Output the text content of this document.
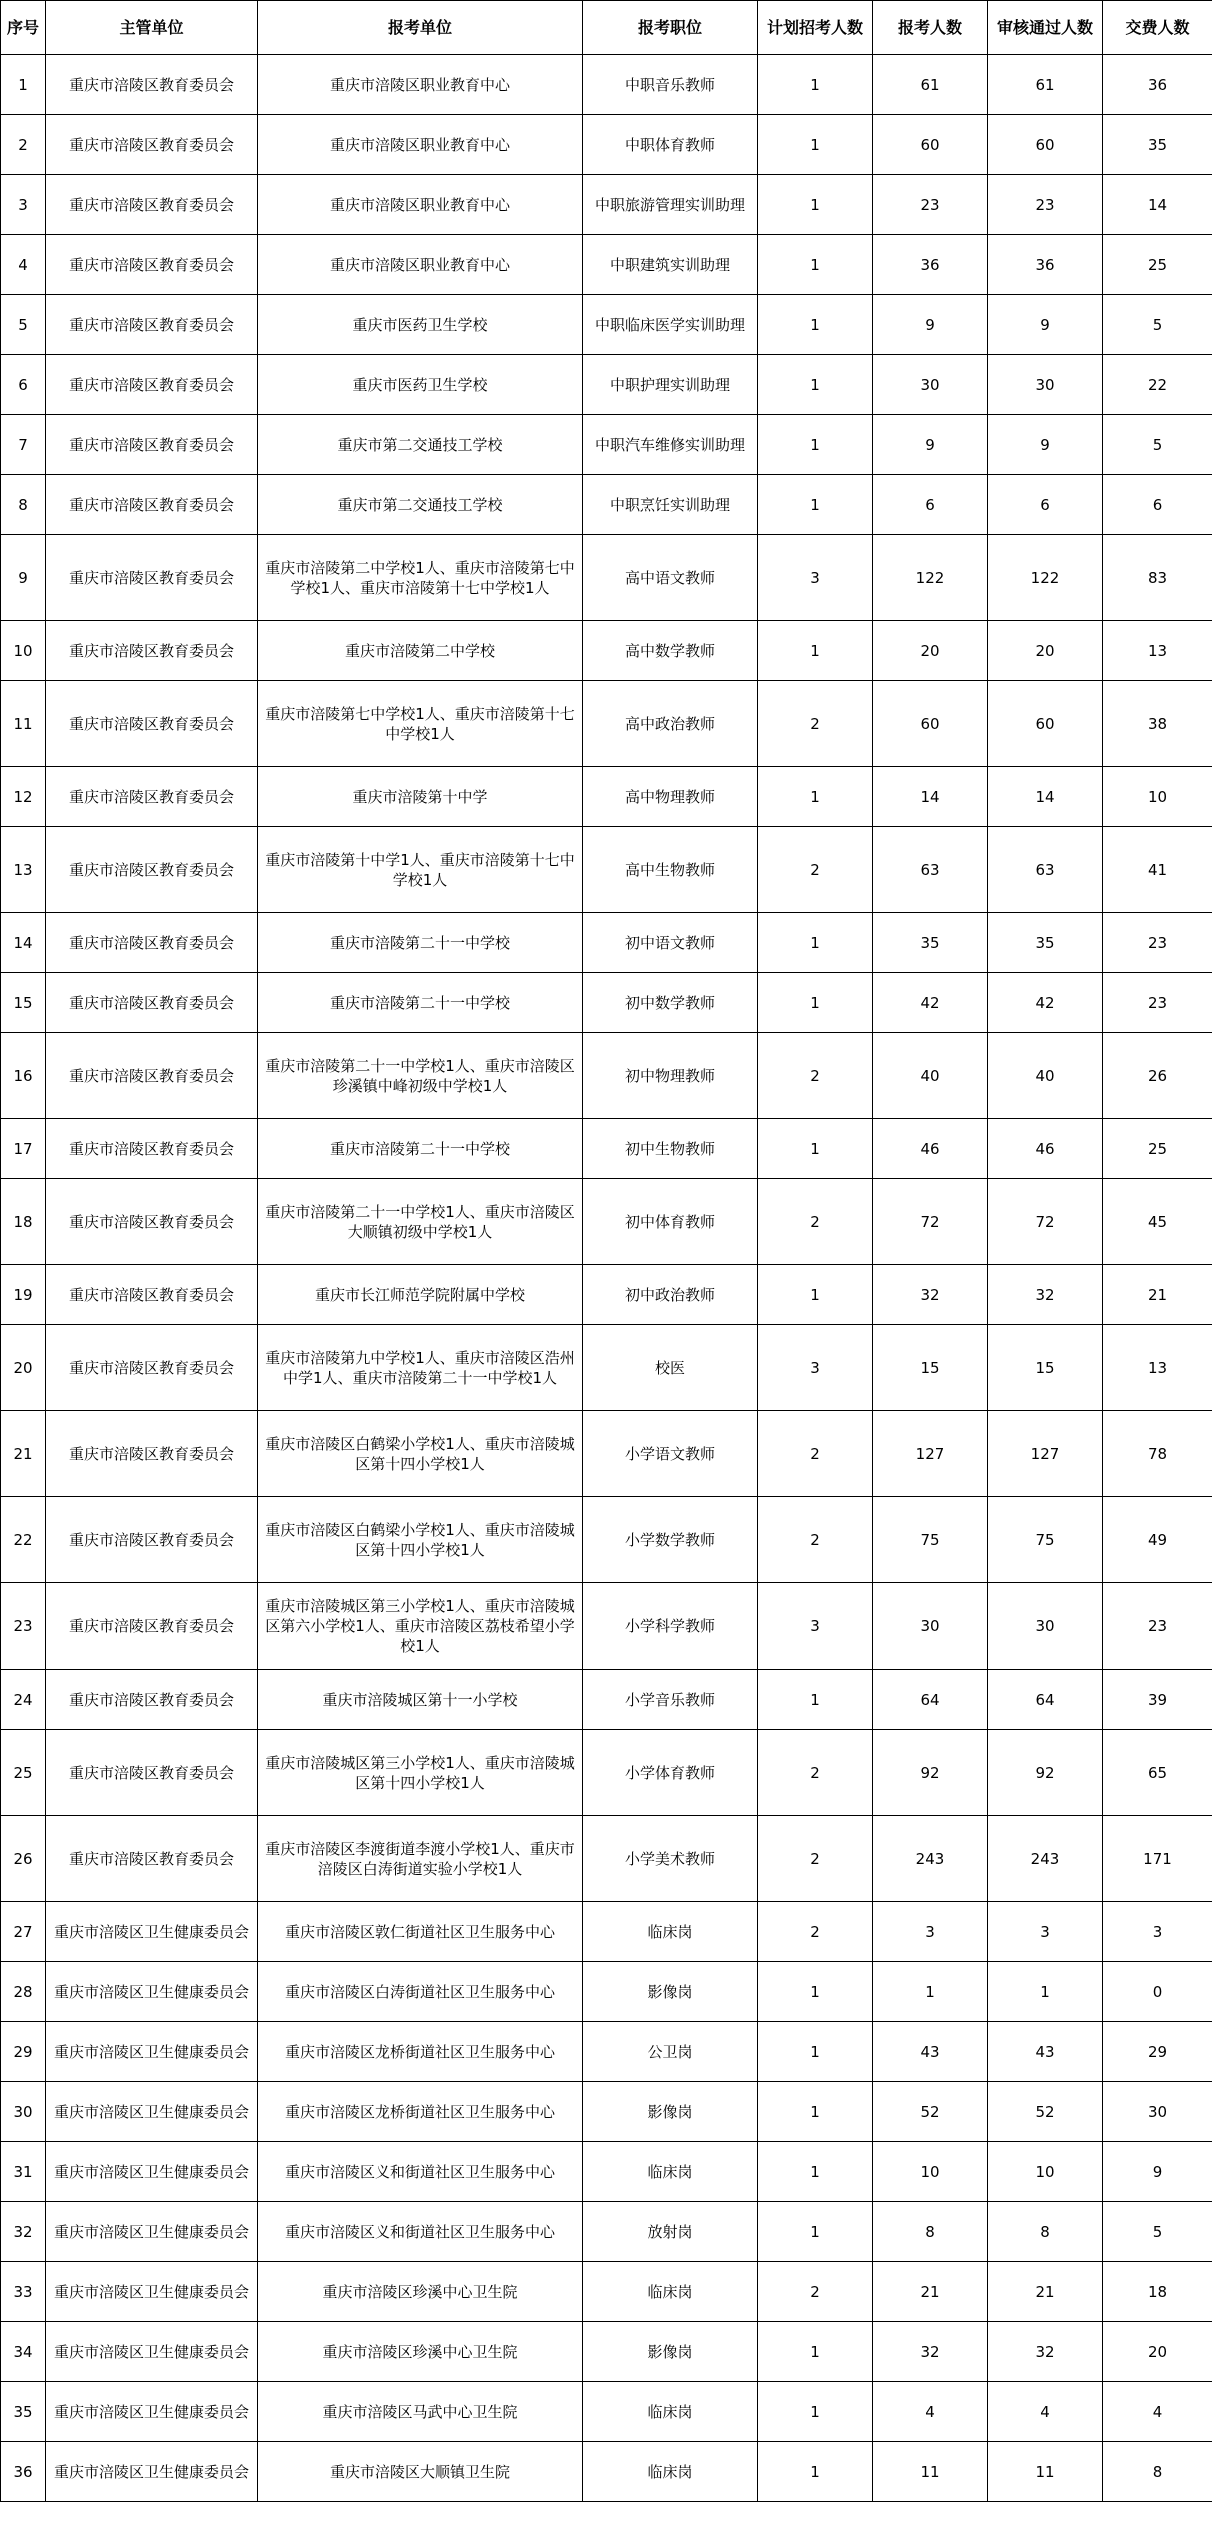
序号	主管单位	报考单位	报考职位	计划招考人数	报考人数	审核通过人数	交费人数
1	重庆市涪陵区教育委员会	重庆市涪陵区职业教育中心	中职音乐教师	1	61	61	36
2	重庆市涪陵区教育委员会	重庆市涪陵区职业教育中心	中职体育教师	1	60	60	35
3	重庆市涪陵区教育委员会	重庆市涪陵区职业教育中心	中职旅游管理实训助理	1	23	23	14
4	重庆市涪陵区教育委员会	重庆市涪陵区职业教育中心	中职建筑实训助理	1	36	36	25
5	重庆市涪陵区教育委员会	重庆市医药卫生学校	中职临床医学实训助理	1	9	9	5
6	重庆市涪陵区教育委员会	重庆市医药卫生学校	中职护理实训助理	1	30	30	22
7	重庆市涪陵区教育委员会	重庆市第二交通技工学校	中职汽车维修实训助理	1	9	9	5
8	重庆市涪陵区教育委员会	重庆市第二交通技工学校	中职烹饪实训助理	1	6	6	6
9	重庆市涪陵区教育委员会	重庆市涪陵第二中学校1人、重庆市涪陵第七中学校1人、重庆市涪陵第十七中学校1人	高中语文教师	3	122	122	83
10	重庆市涪陵区教育委员会	重庆市涪陵第二中学校	高中数学教师	1	20	20	13
11	重庆市涪陵区教育委员会	重庆市涪陵第七中学校1人、重庆市涪陵第十七中学校1人	高中政治教师	2	60	60	38
12	重庆市涪陵区教育委员会	重庆市涪陵第十中学	高中物理教师	1	14	14	10
13	重庆市涪陵区教育委员会	重庆市涪陵第十中学1人、重庆市涪陵第十七中学校1人	高中生物教师	2	63	63	41
14	重庆市涪陵区教育委员会	重庆市涪陵第二十一中学校	初中语文教师	1	35	35	23
15	重庆市涪陵区教育委员会	重庆市涪陵第二十一中学校	初中数学教师	1	42	42	23
16	重庆市涪陵区教育委员会	重庆市涪陵第二十一中学校1人、重庆市涪陵区珍溪镇中峰初级中学校1人	初中物理教师	2	40	40	26
17	重庆市涪陵区教育委员会	重庆市涪陵第二十一中学校	初中生物教师	1	46	46	25
18	重庆市涪陵区教育委员会	重庆市涪陵第二十一中学校1人、重庆市涪陵区大顺镇初级中学校1人	初中体育教师	2	72	72	45
19	重庆市涪陵区教育委员会	重庆市长江师范学院附属中学校	初中政治教师	1	32	32	21
20	重庆市涪陵区教育委员会	重庆市涪陵第九中学校1人、重庆市涪陵区浩州中学1人、重庆市涪陵第二十一中学校1人	校医	3	15	15	13
21	重庆市涪陵区教育委员会	重庆市涪陵区白鹤梁小学校1人、重庆市涪陵城区第十四小学校1人	小学语文教师	2	127	127	78
22	重庆市涪陵区教育委员会	重庆市涪陵区白鹤梁小学校1人、重庆市涪陵城区第十四小学校1人	小学数学教师	2	75	75	49
23	重庆市涪陵区教育委员会	重庆市涪陵城区第三小学校1人、重庆市涪陵城区第六小学校1人、重庆市涪陵区荔枝希望小学校1人	小学科学教师	3	30	30	23
24	重庆市涪陵区教育委员会	重庆市涪陵城区第十一小学校	小学音乐教师	1	64	64	39
25	重庆市涪陵区教育委员会	重庆市涪陵城区第三小学校1人、重庆市涪陵城区第十四小学校1人	小学体育教师	2	92	92	65
26	重庆市涪陵区教育委员会	重庆市涪陵区李渡街道李渡小学校1人、重庆市涪陵区白涛街道实验小学校1人	小学美术教师	2	243	243	171
27	重庆市涪陵区卫生健康委员会	重庆市涪陵区敦仁街道社区卫生服务中心	临床岗	2	3	3	3
28	重庆市涪陵区卫生健康委员会	重庆市涪陵区白涛街道社区卫生服务中心	影像岗	1	1	1	0
29	重庆市涪陵区卫生健康委员会	重庆市涪陵区龙桥街道社区卫生服务中心	公卫岗	1	43	43	29
30	重庆市涪陵区卫生健康委员会	重庆市涪陵区龙桥街道社区卫生服务中心	影像岗	1	52	52	30
31	重庆市涪陵区卫生健康委员会	重庆市涪陵区义和街道社区卫生服务中心	临床岗	1	10	10	9
32	重庆市涪陵区卫生健康委员会	重庆市涪陵区义和街道社区卫生服务中心	放射岗	1	8	8	5
33	重庆市涪陵区卫生健康委员会	重庆市涪陵区珍溪中心卫生院	临床岗	2	21	21	18
34	重庆市涪陵区卫生健康委员会	重庆市涪陵区珍溪中心卫生院	影像岗	1	32	32	20
35	重庆市涪陵区卫生健康委员会	重庆市涪陵区马武中心卫生院	临床岗	1	4	4	4
36	重庆市涪陵区卫生健康委员会	重庆市涪陵区大顺镇卫生院	临床岗	1	11	11	8
